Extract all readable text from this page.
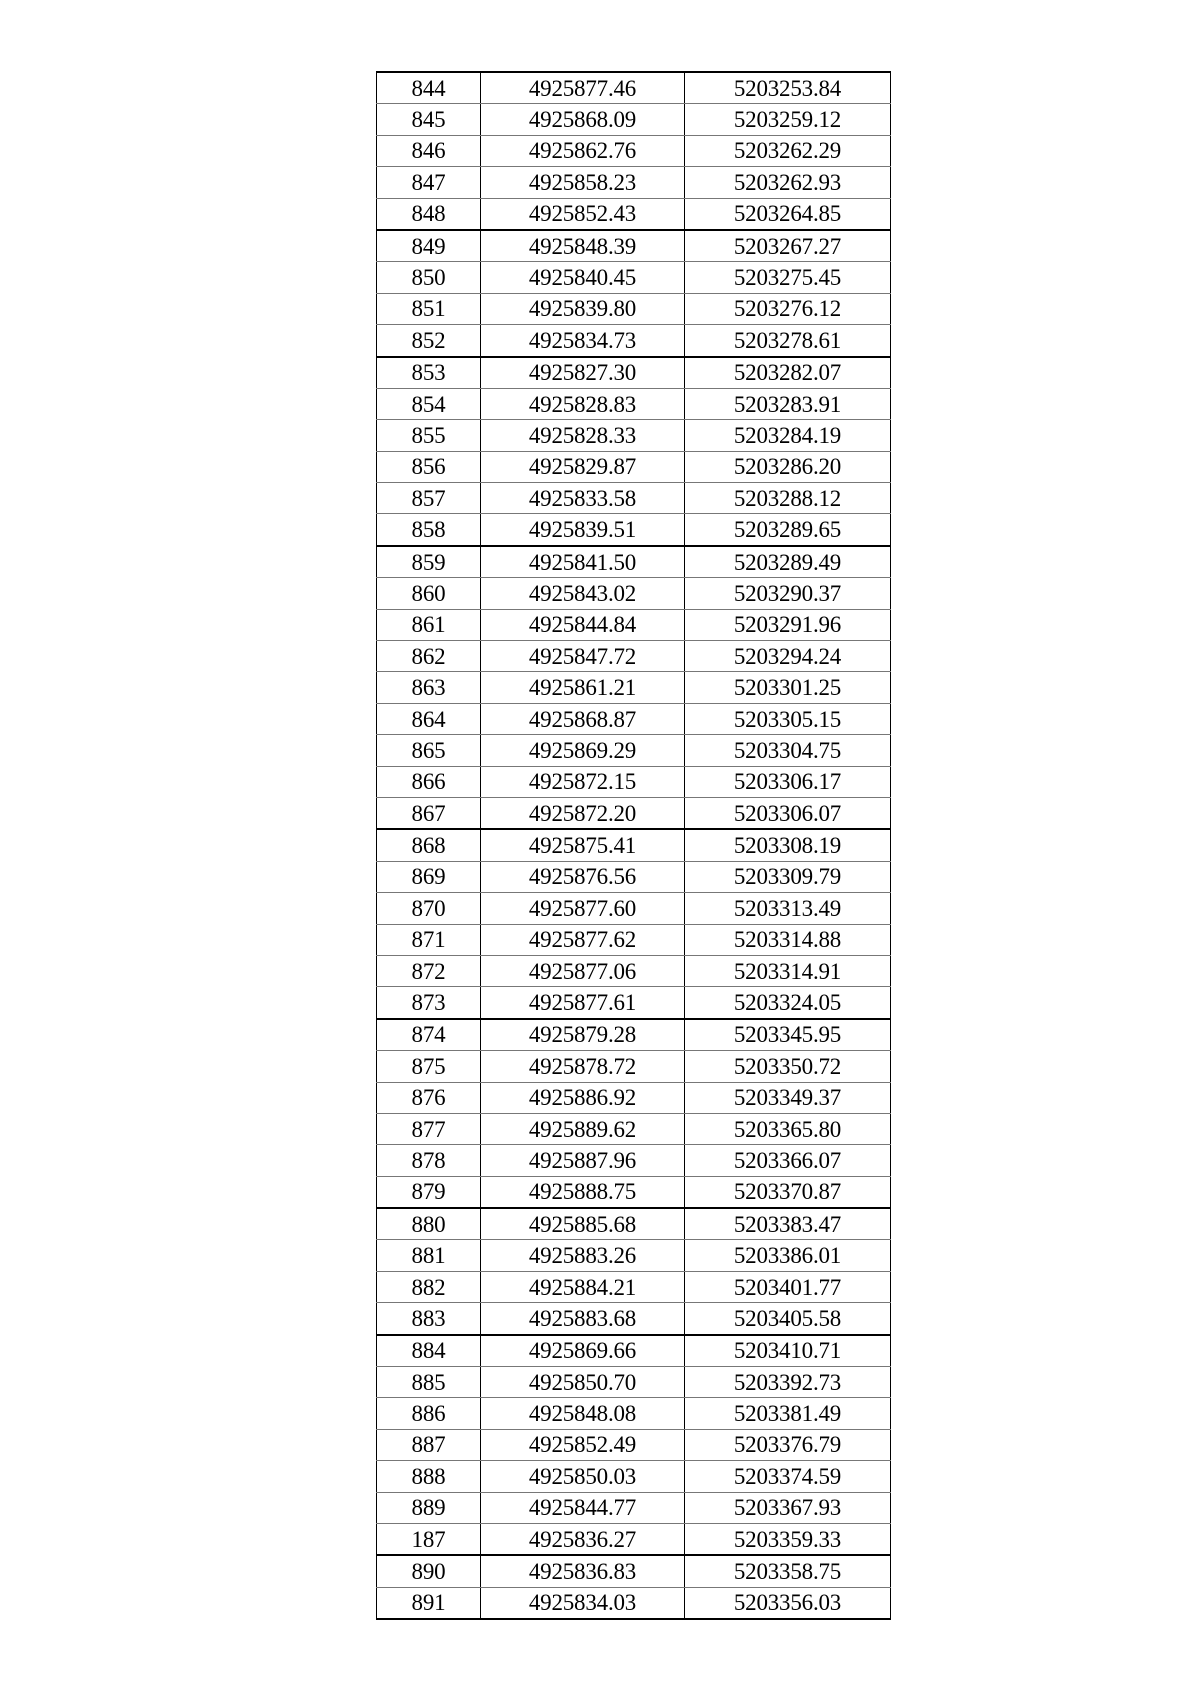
844	4925877.46	5203253.84
845	4925868.09	5203259.12
846	4925862.76	5203262.29
847	4925858.23	5203262.93
848	4925852.43	5203264.85
849	4925848.39	5203267.27
850	4925840.45	5203275.45
851	4925839.80	5203276.12
852	4925834.73	5203278.61
853	4925827.30	5203282.07
854	4925828.83	5203283.91
855	4925828.33	5203284.19
856	4925829.87	5203286.20
857	4925833.58	5203288.12
858	4925839.51	5203289.65
859	4925841.50	5203289.49
860	4925843.02	5203290.37
861	4925844.84	5203291.96
862	4925847.72	5203294.24
863	4925861.21	5203301.25
864	4925868.87	5203305.15
865	4925869.29	5203304.75
866	4925872.15	5203306.17
867	4925872.20	5203306.07
868	4925875.41	5203308.19
869	4925876.56	5203309.79
870	4925877.60	5203313.49
871	4925877.62	5203314.88
872	4925877.06	5203314.91
873	4925877.61	5203324.05
874	4925879.28	5203345.95
875	4925878.72	5203350.72
876	4925886.92	5203349.37
877	4925889.62	5203365.80
878	4925887.96	5203366.07
879	4925888.75	5203370.87
880	4925885.68	5203383.47
881	4925883.26	5203386.01
882	4925884.21	5203401.77
883	4925883.68	5203405.58
884	4925869.66	5203410.71
885	4925850.70	5203392.73
886	4925848.08	5203381.49
887	4925852.49	5203376.79
888	4925850.03	5203374.59
889	4925844.77	5203367.93
187	4925836.27	5203359.33
890	4925836.83	5203358.75
891	4925834.03	5203356.03
